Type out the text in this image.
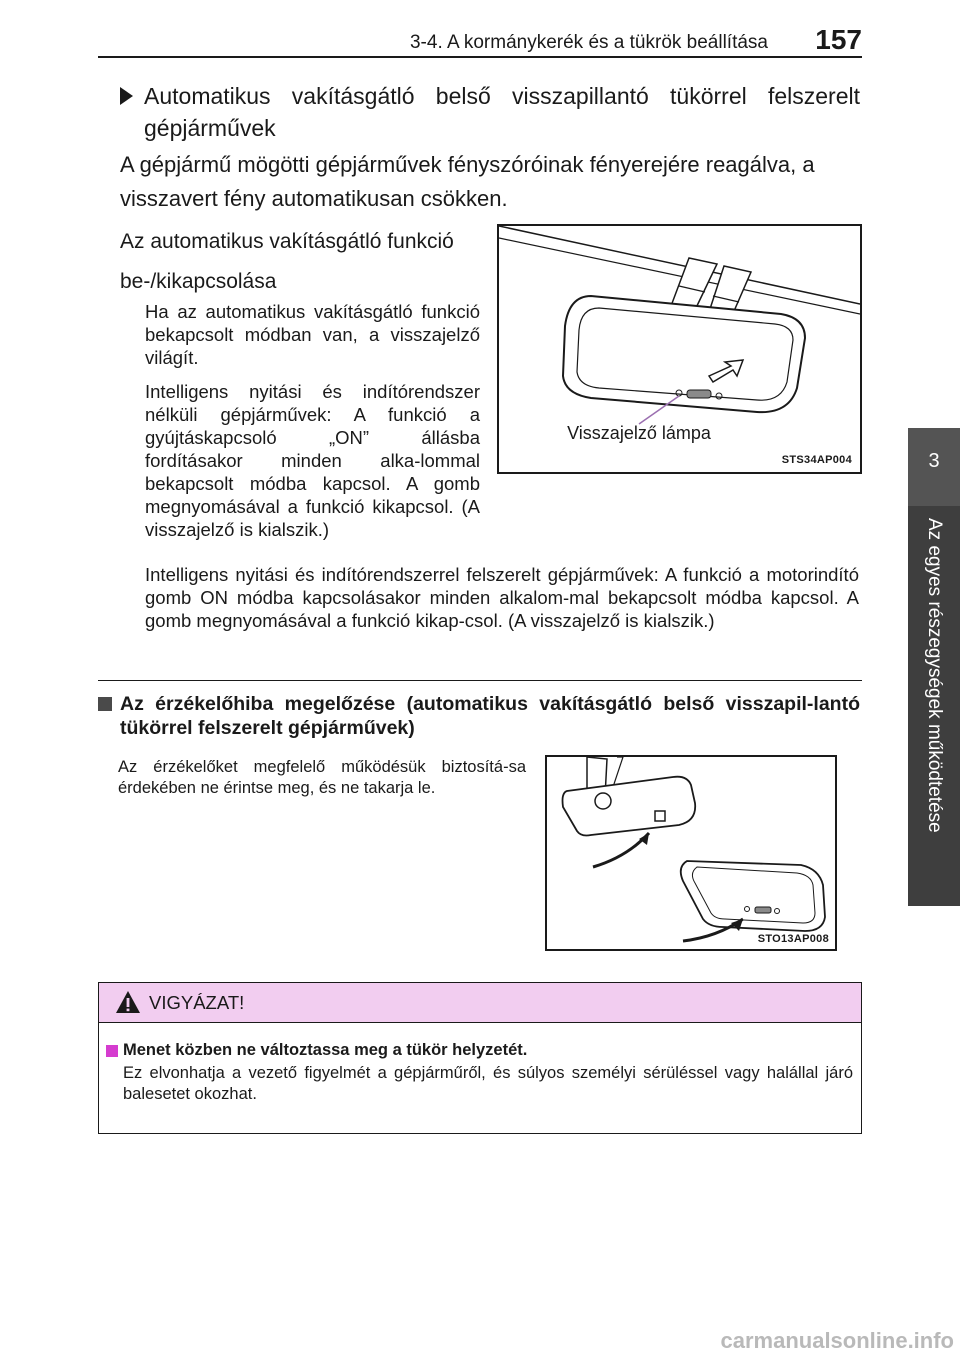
3-4. A kormánykerék és a tükrök beállítása 157
3
Az egyes részegységek működtetése
Automatikus vakításgátló belső visszapillantó tükörrel felszerelt gépjárművek

A gépjármű mögötti gépjárművek fényszóróinak fényerejére reagálva, a visszavert fény automatikusan csökken.

Az automatikus vakításgátló funkció be-/kikapcsolása

Ha az automatikus vakításgátló funkció bekapcsolt módban van, a visszajelző világít.

Intelligens nyitási és indítórendszer nélküli gépjárművek: A funkció a gyújtáskapcsoló „ON” állásba fordításakor minden alka-lommal bekapcsolt módba kapcsol. A gomb megnyomásával a funkció kikapcsol. (A visszajelző is kialszik.)

Intelligens nyitási és indítórendszerrel felszerelt gépjárművek: A funkció a motorindító gomb ON módba kapcsolásakor minden alkalom-mal bekapcsolt módba kapcsol. A gomb megnyomásával a funkció kikap-csol. (A visszajelző is kialszik.)

Visszajelző lámpa
STS34AP004
Az érzékelőhiba megelőzése (automatikus vakításgátló belső visszapil-lantó tükörrel felszerelt gépjárművek)

Az érzékelőket megfelelő működésük biztosítá-sa érdekében ne érintse meg, és ne takarja le.

STO13AP008
VIGYÁZAT!
Menet közben ne változtassa meg a tükör helyzetét.

Ez elvonhatja a vezető figyelmét a gépjárműről, és súlyos személyi sérüléssel vagy halállal járó balesetet okozhat.

carmanualsonline.info
